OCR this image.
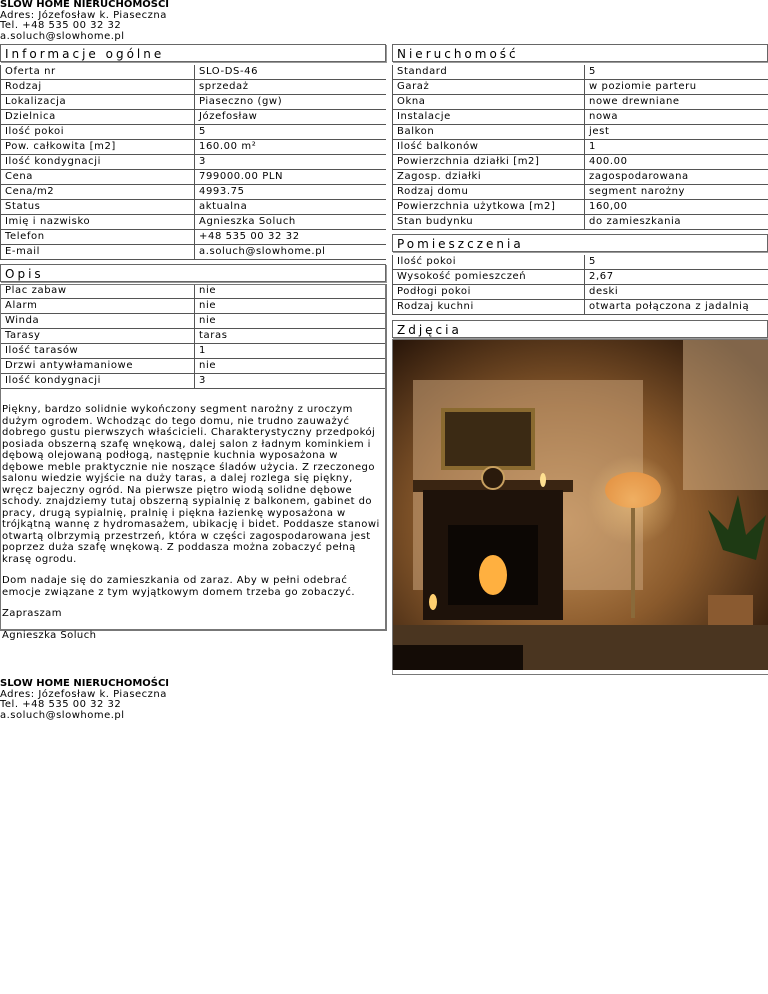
SLOW HOME NIERUCHOMOŚCI
Adres: Józefosław k. Piaseczna
Tel. +48 535 00 32 32
a.soluch@slowhome.pl
Informacje ogólne	Nieruchomość
Oferta nr	SLO-DS-46
Rodzaj	sprzedaż
Lokalizacja	Piaseczno (gw)
Dzielnica	Józefosław
Ilość pokoi	5
Pow. całkowita [m2]	160.00 m²
Ilość kondygnacji	3
Cena	799000.00 PLN
Cena/m2	4993.75
Status	aktualna
Imię i nazwisko	Agnieszka Soluch
Telefon	+48 535 00 32 32
E-mail	a.soluch@slowhome.pl
Standard	5
Garaż	w poziomie parteru
Okna	nowe drewniane
Instalacje	nowa
Balkon	jest
Ilość balkonów	1
Powierzchnia działki [m2]	400.00
Zagosp. działki	zagospodarowana
Rodzaj domu	segment narożny
Powierzchnia użytkowa [m2]	160,00
Stan budynku	do zamieszkania
Pomieszczenia
Ilość pokoi	5
Wysokość pomieszczeń	2,67
Podłogi pokoi	deski
Rodzaj kuchni	otwarta połączona z jadalnią
Opis
Plac zabaw	nie
Alarm	nie
Winda	nie
Tarasy	taras
Ilość tarasów	1
Drzwi antywłamaniowe	nie
Ilość kondygnacji	3

Piękny, bardzo solidnie wykończony segment narożny z uroczym dużym ogrodem. Wchodząc do tego domu, nie trudno zauważyć dobrego gustu pierwszych właścicieli. Charakterystyczny przedpokój posiada obszerną szafę wnękową, dalej salon z ładnym kominkiem i dębową olejowaną podłogą, następnie kuchnia wyposażona w dębowe meble praktycznie nie noszące śladów użycia. Z rzeczonego salonu wiedzie wyjście na duży taras, a dalej rozlega się piękny, wręcz bajeczny ogród. Na pierwsze piętro wiodą solidne dębowe schody. znajdziemy tutaj obszerną sypialnię z balkonem, gabinet do pracy, drugą sypialnię, pralnię i piękna łazienkę wyposażona w trójkątną wannę z hydromasażem, ubikację i bidet. Poddasze stanowi otwartą olbrzymią przestrzeń, która w części zagospodarowana jest poprzez duża szafę wnękową. Z poddasza można zobaczyć pełną krasę ogrodu.

Dom nadaje się do zamieszkania od zaraz. Aby w pełni odebrać emocje związane z tym wyjątkowym domem trzeba go zobaczyć.

Zapraszam

Agnieszka Soluch

Zdjęcia
SLOW HOME NIERUCHOMOŚCI
Adres: Józefosław k. Piaseczna
Tel. +48 535 00 32 32
a.soluch@slowhome.pl
